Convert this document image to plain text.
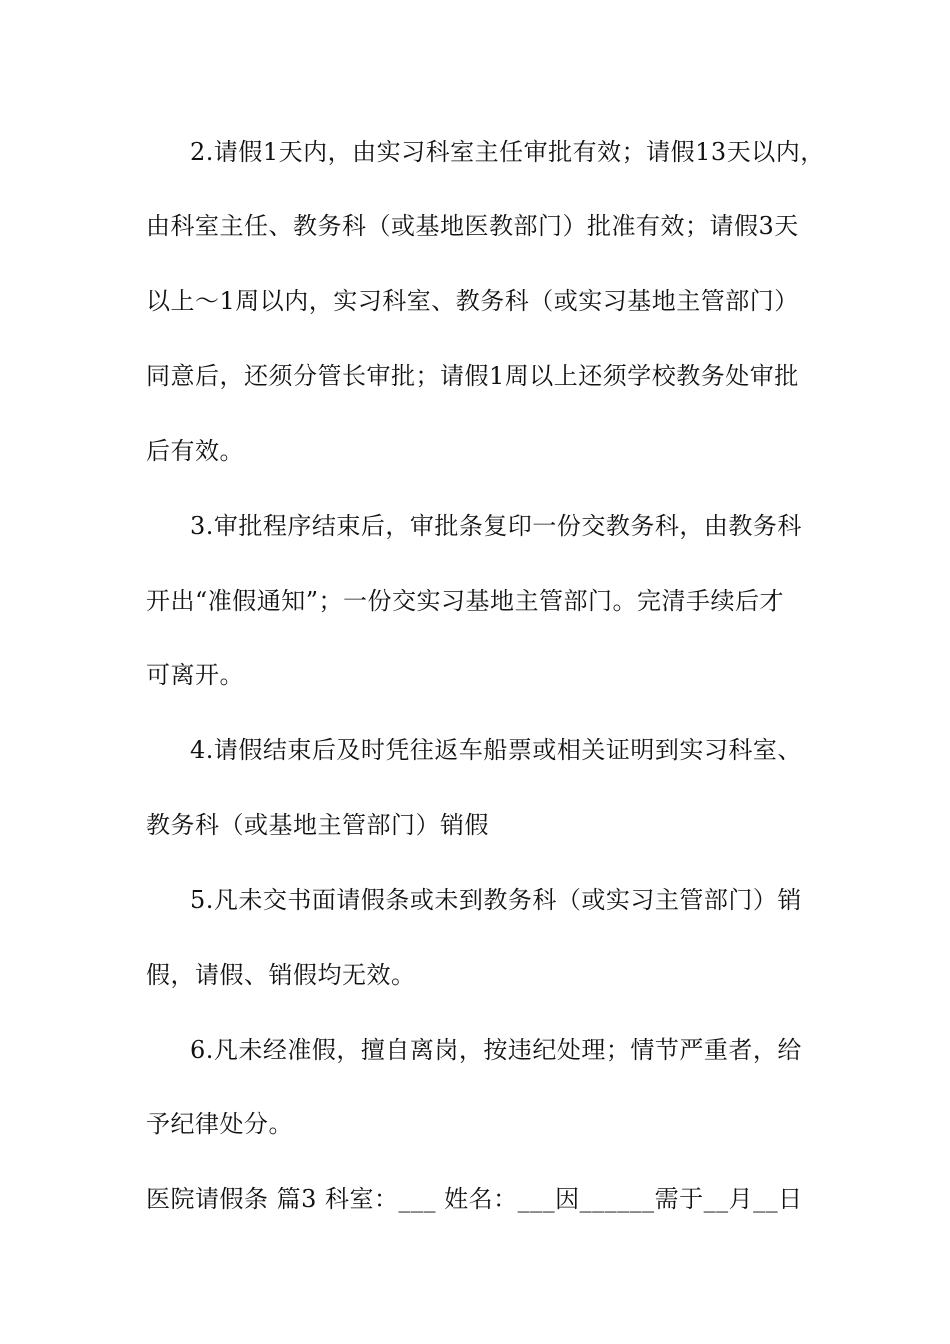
2.请假1天内，由实习科室主任审批有效；请假13天以内，
由科室主任、教务科（或基地医教部门）批准有效；请假3天
以上～1周以内，实习科室、教务科（或实习基地主管部门）
同意后，还须分管长审批；请假1周以上还须学校教务处审批
后有效。
3.审批程序结束后，审批条复印一份交教务科，由教务科
开出“准假通知”；一份交实习基地主管部门。完清手续后才
可离开。
4.请假结束后及时凭往返车船票或相关证明到实习科室、
教务科（或基地主管部门）销假
5.凡未交书面请假条或未到教务科（或实习主管部门）销
假，请假、销假均无效。
6.凡未经准假，擅自离岗，按违纪处理；情节严重者，给
予纪律处分。
医院请假条 篇3 科室：___ 姓名：___因______需于__月__日
